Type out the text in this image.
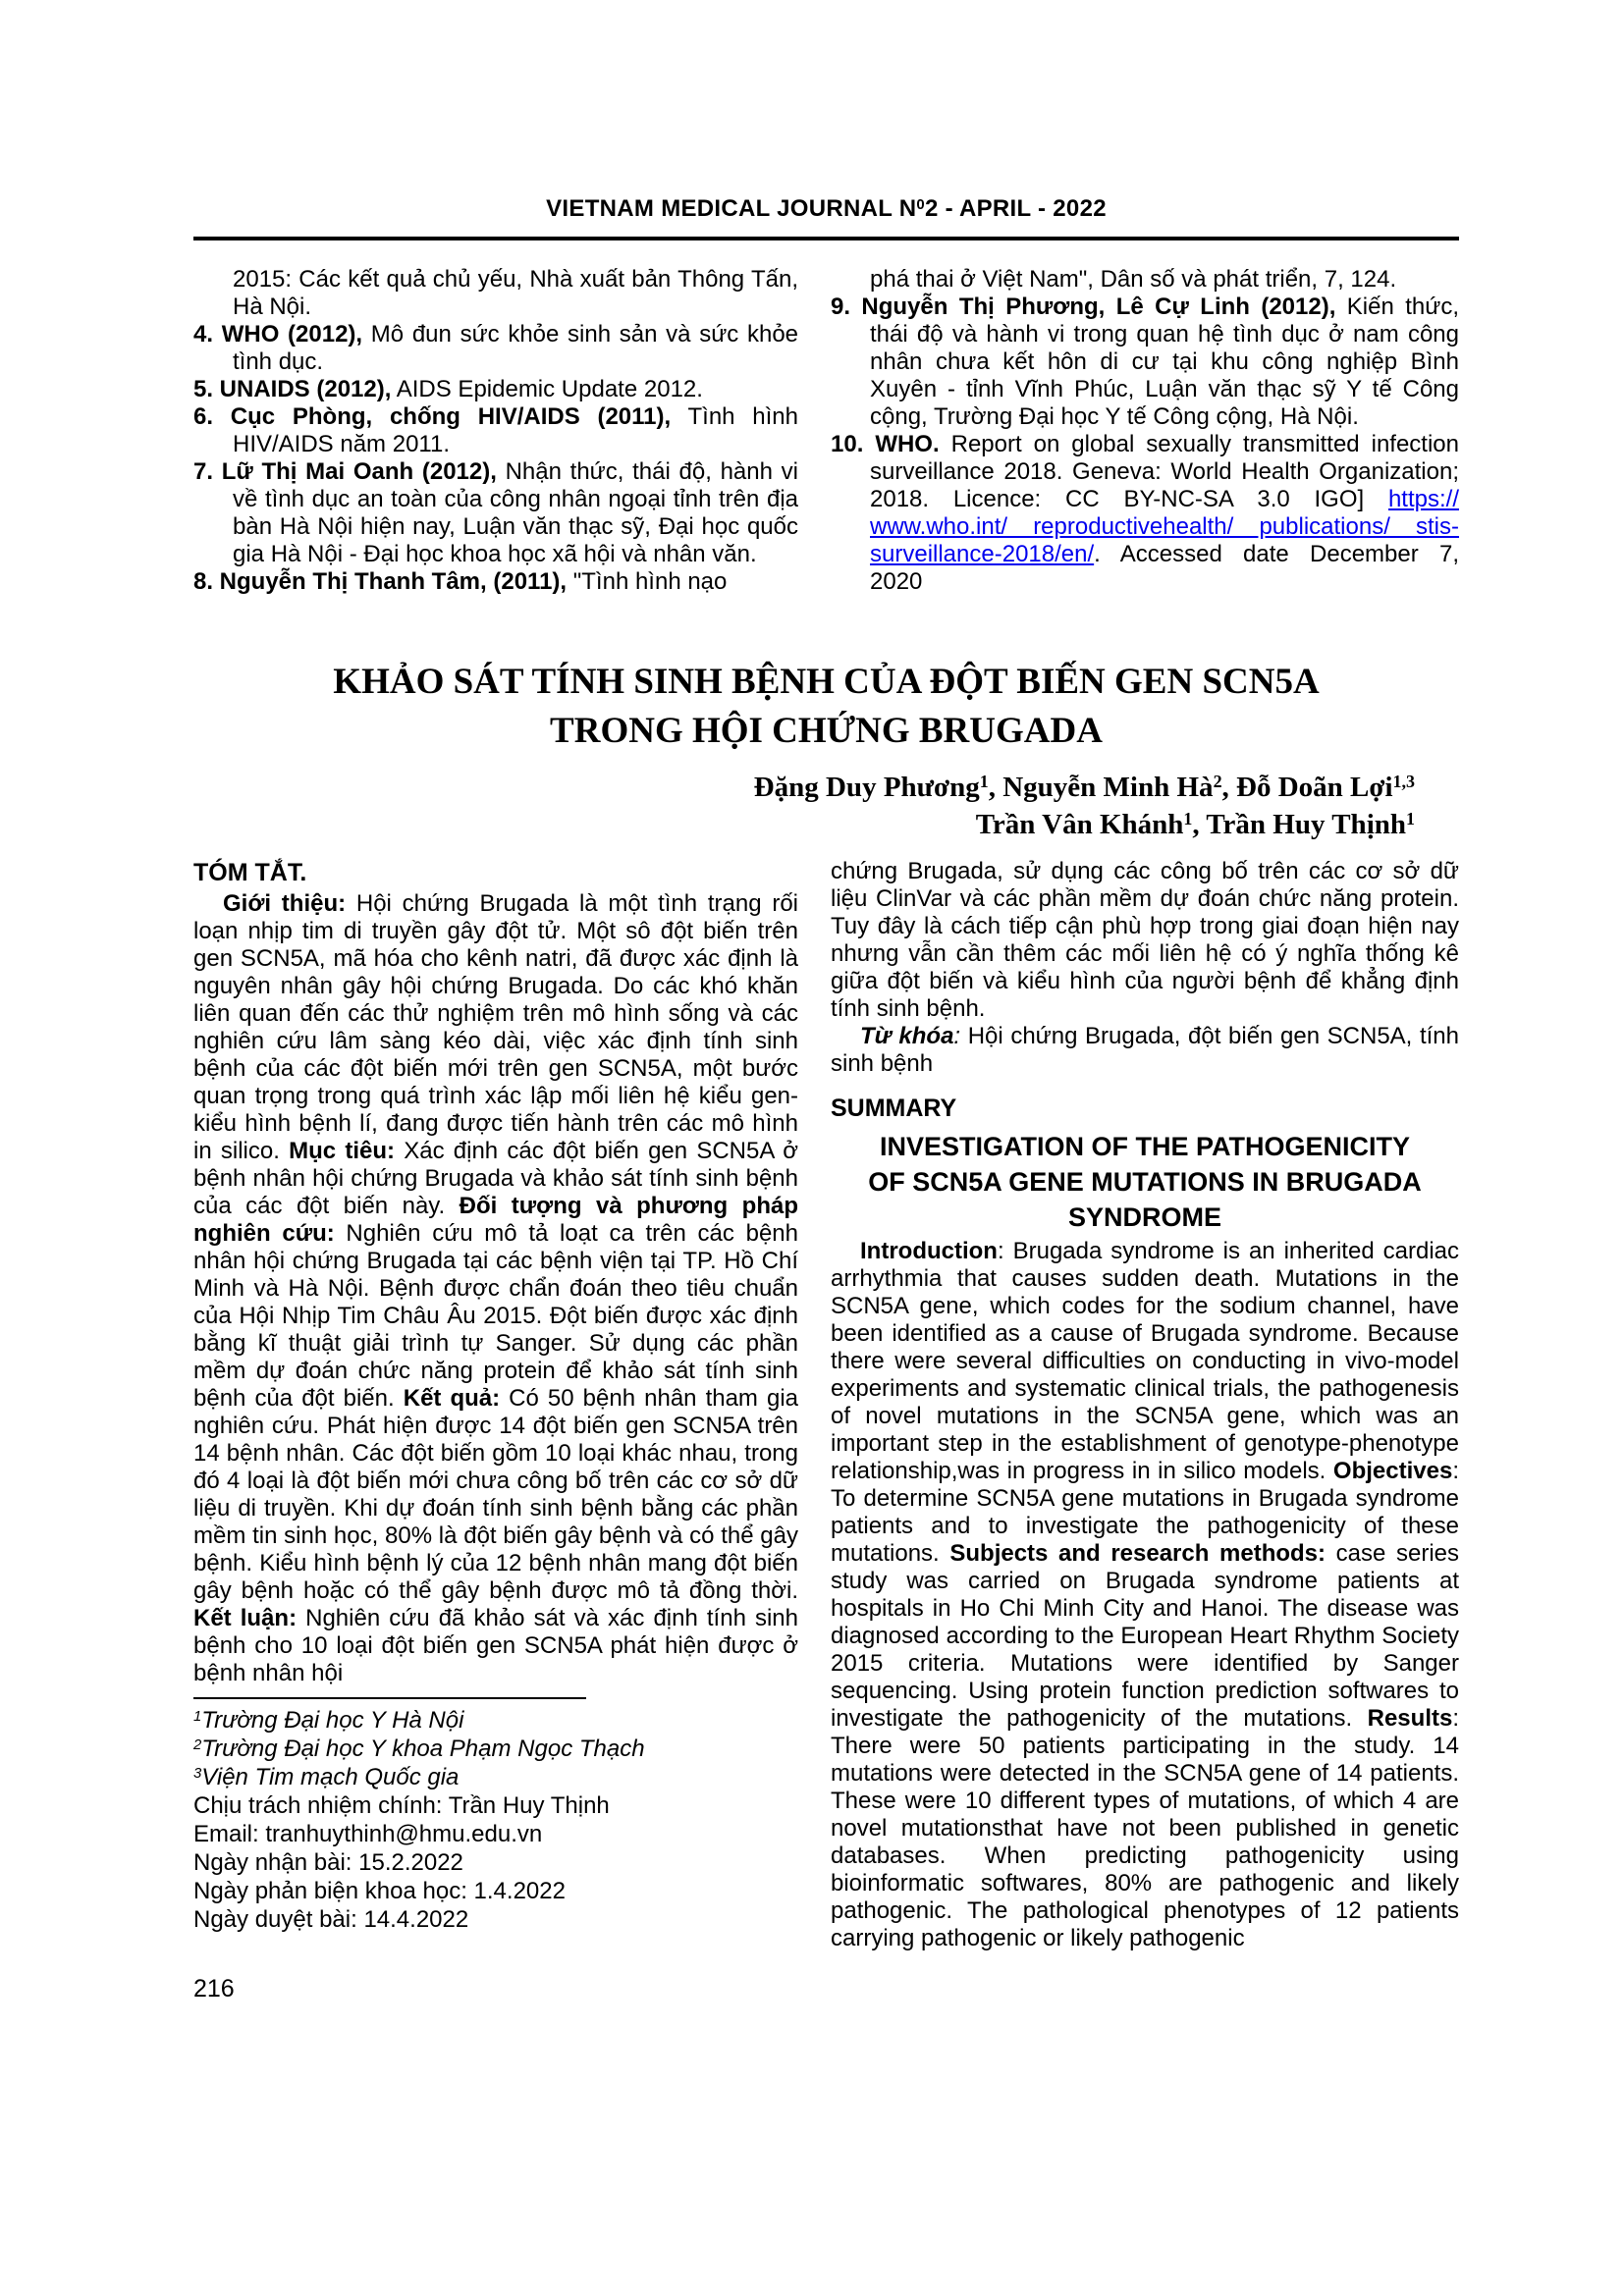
VIETNAM MEDICAL JOURNAL $N^02$ - APRIL - 2022

2015: Các kết quả chủ yếu, Nhà xuất bản Thông Tấn, Hà Nội.

4. WHO (2012), Mô đun sức khỏe sinh sản và sức khỏe tình dục.

5. UNAIDS (2012), AIDS Epidemic Update 2012.

6. Cục Phòng, chống HIV/AIDS (2011), Tình hình HIV/AIDS năm 2011.

7. Lữ Thị Mai Oanh (2012), Nhận thức, thái độ, hành vi về tình dục an toàn của công nhân ngoại tỉnh trên địa bàn Hà Nội hiện nay, Luận văn thạc sỹ, Đại học quốc gia Hà Nội - Đại học khoa học xã hội và nhân văn.

8. Nguyễn Thị Thanh Tâm, (2011), "Tình hình nạo

phá thai ở Việt Nam", Dân số và phát triển, 7, 124.

9. Nguyễn Thị Phương, Lê Cự Linh (2012), Kiến thức, thái độ và hành vi trong quan hệ tình dục ở nam công nhân chưa kết hôn di cư tại khu công nghiệp Bình Xuyên - tỉnh Vĩnh Phúc, Luận văn thạc sỹ Y tế Công cộng, Trường Đại học Y tế Công cộng, Hà Nội.

10. WHO. Report on global sexually transmitted infection surveillance 2018. Geneva: World Health Organization; 2018. Licence: CC BY-NC-SA 3.0 IGO] https:// www.who.int/ reproductivehealth/ publications/ stis-surveillance-2018/en/. Accessed date December 7, 2020

KHẢO SÁT TÍNH SINH BỆNH CỦA ĐỘT BIẾN GEN SCN5A
TRONG HỘI CHỨNG BRUGADA
Đặng Duy Phương$^1$, Nguyễn Minh $Hà^2$, Đỗ Doãn Lợi$^{1,3}$
Trần Vân Khánh$^1$, Trần Huy Thịnh$^1$
TÓM TẮT.

Giới thiệu: Hội chứng Brugada là một tình trạng rối loạn nhịp tim di truyền gây đột tử. Một sô đột biến trên gen SCN5A, mã hóa cho kênh natri, đã được xác định là nguyên nhân gây hội chứng Brugada. Do các khó khăn liên quan đến các thử nghiệm trên mô hình sống và các nghiên cứu lâm sàng kéo dài, việc xác định tính sinh bệnh của các đột biến mới trên gen SCN5A, một bước quan trọng trong quá trình xác lập mối liên hệ kiểu gen-kiểu hình bệnh lí, đang được tiến hành trên các mô hình in silico. Mục tiêu: Xác định các đột biến gen SCN5A ở bệnh nhân hội chứng Brugada và khảo sát tính sinh bệnh của các đột biến này. Đối tượng và phương pháp nghiên cứu: Nghiên cứu mô tả loạt ca trên các bệnh nhân hội chứng Brugada tại các bệnh viện tại TP. Hồ Chí Minh và Hà Nội. Bệnh được chẩn đoán theo tiêu chuẩn của Hội Nhịp Tim Châu Âu 2015. Đột biến được xác định bằng kĩ thuật giải trình tự Sanger. Sử dụng các phần mềm dự đoán chức năng protein để khảo sát tính sinh bệnh của đột biến. Kết quả: Có 50 bệnh nhân tham gia nghiên cứu. Phát hiện được 14 đột biến gen SCN5A trên 14 bệnh nhân. Các đột biến gồm 10 loại khác nhau, trong đó 4 loại là đột biến mới chưa công bố trên các cơ sở dữ liệu di truyền. Khi dự đoán tính sinh bệnh bằng các phần mềm tin sinh học, 80% là đột biến gây bệnh và có thể gây bệnh. Kiểu hình bệnh lý của 12 bệnh nhân mang đột biến gây bệnh hoặc có thể gây bệnh được mô tả đồng thời. Kết luận: Nghiên cứu đã khảo sát và xác định tính sinh bệnh cho 10 loại đột biến gen SCN5A phát hiện được ở bệnh nhân hội

$^1$Trường Đại học Y Hà Nội
$^2$Trường Đại học Y khoa Phạm Ngọc Thạch
$^3$Viện Tim mạch Quốc gia
Chịu trách nhiệm chính: Trần Huy Thịnh
Email: tranhuythinh@hmu.edu.vn
Ngày nhận bài: 15.2.2022
Ngày phản biện khoa học: 1.4.2022
Ngày duyệt bài: 14.4.2022

chứng Brugada, sử dụng các công bố trên các cơ sở dữ liệu ClinVar và các phần mềm dự đoán chức năng protein. Tuy đây là cách tiếp cận phù hợp trong giai đoạn hiện nay nhưng vẫn cần thêm các mối liên hệ có ý nghĩa thống kê giữa đột biến và kiểu hình của người bệnh để khẳng định tính sinh bệnh.

Từ khóa: Hội chứng Brugada, đột biến gen SCN5A, tính sinh bệnh

SUMMARY
INVESTIGATION OF THE PATHOGENICITY
OF SCN5A GENE MUTATIONS IN BRUGADA
SYNDROME

Introduction: Brugada syndrome is an inherited cardiac arrhythmia that causes sudden death. Mutations in the SCN5A gene, which codes for the sodium channel, have been identified as a cause of Brugada syndrome. Because there were several difficulties on conducting in vivo-model experiments and systematic clinical trials, the pathogenesis of novel mutations in the SCN5A gene, which was an important step in the establishment of genotype-phenotype relationship,was in progress in in silico models. Objectives: To determine SCN5A gene mutations in Brugada syndrome patients and to investigate the pathogenicity of these mutations. Subjects and research methods: case series study was carried on Brugada syndrome patients at hospitals in Ho Chi Minh City and Hanoi. The disease was diagnosed according to the European Heart Rhythm Society 2015 criteria. Mutations were identified by Sanger sequencing. Using protein function prediction softwares to investigate the pathogenicity of the mutations. Results: There were 50 patients participating in the study. 14 mutations were detected in the SCN5A gene of 14 patients. These were 10 different types of mutations, of which 4 are novel mutationsthat have not been published in genetic databases. When predicting pathogenicity using bioinformatic softwares, 80% are pathogenic and likely pathogenic. The pathological phenotypes of 12 patients carrying pathogenic or likely pathogenic

216
